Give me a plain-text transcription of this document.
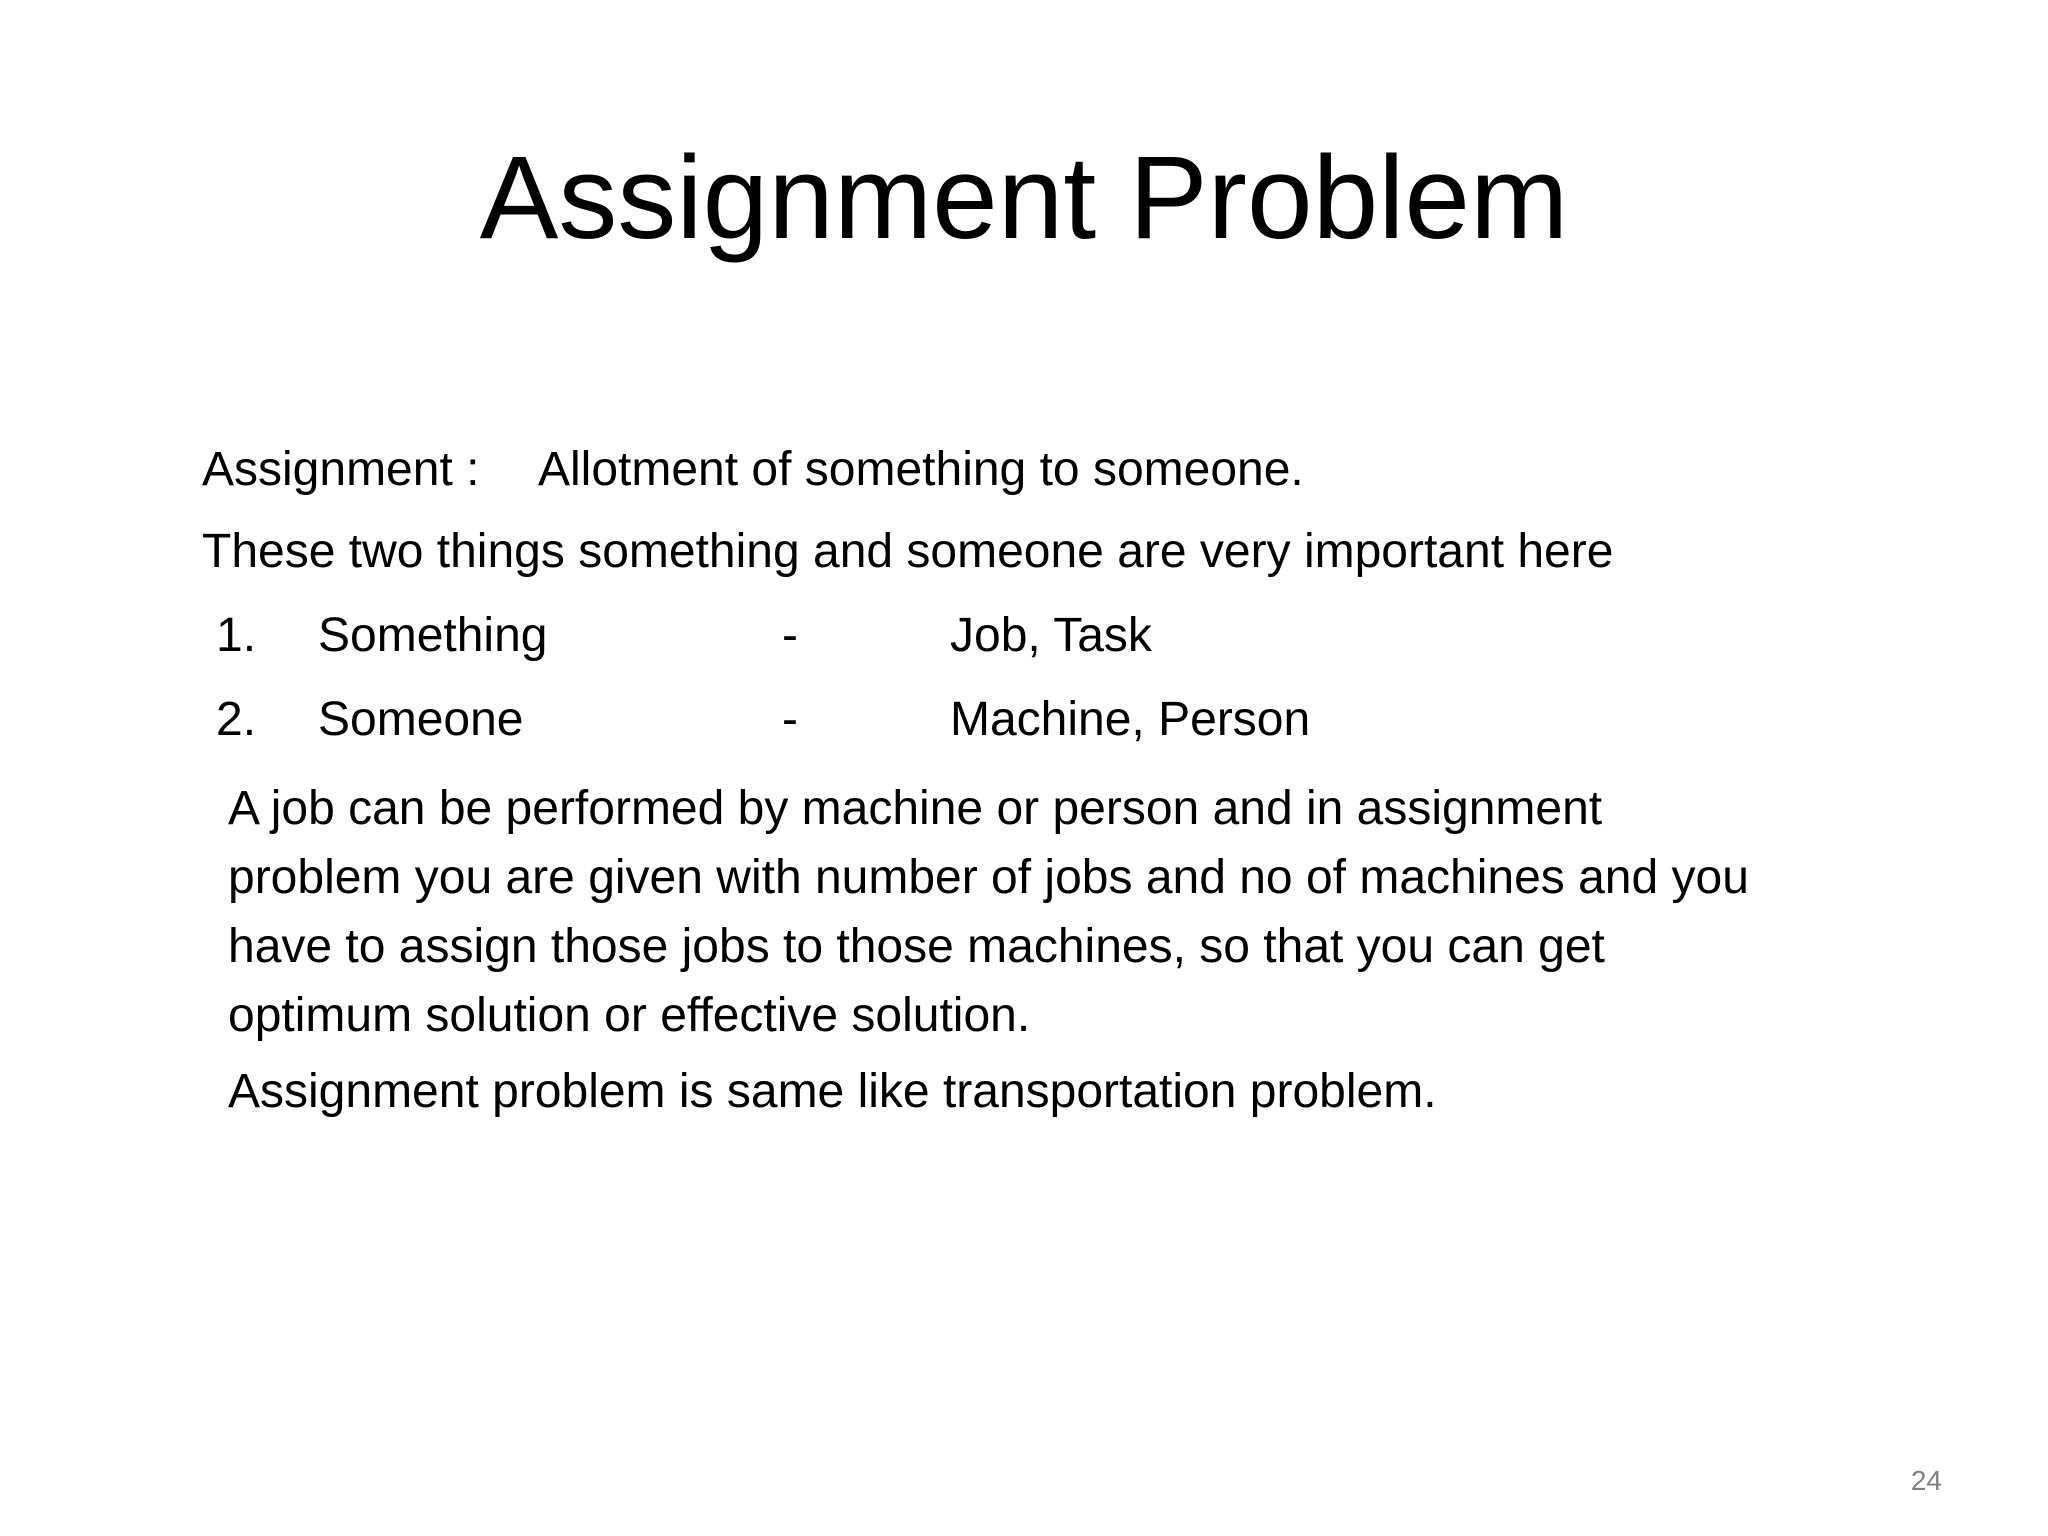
Assignment Problem
Assignment : Allotment of something to someone.
These two things something and someone are very important here
1. Something	-	Job, Task
2. Someone	-	Machine, Person
A job can be performed by machine or person and in assignment
problem you are given with number of jobs and no of machines and you
have to assign those jobs to those machines, so that you can get
optimum solution or effective solution.
Assignment problem is same like transportation problem.
24
